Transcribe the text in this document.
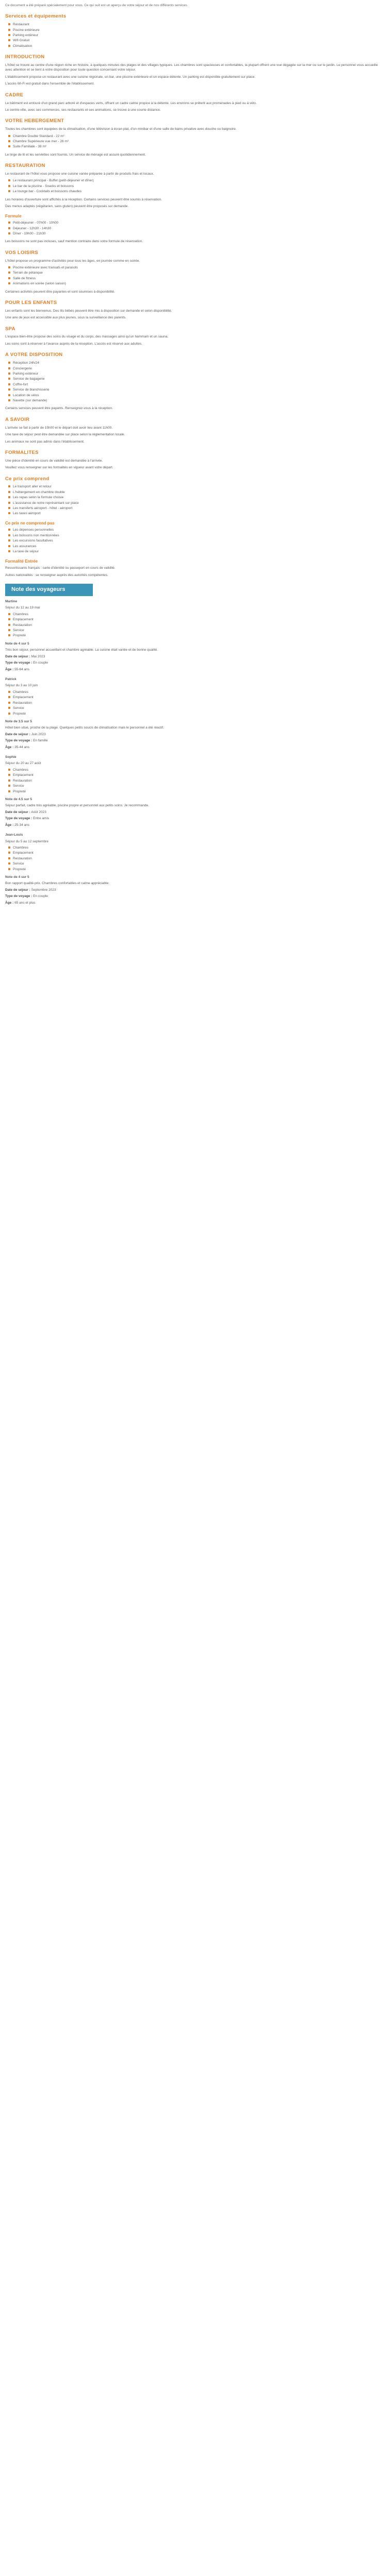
Ce document a été préparé spécialement pour vous. Ce qui suit est un aperçu de votre séjour et de nos différents services.
Services et équipements
Restaurant
Piscine extérieure
Parking extérieur
Wifi Gratuit
Climatisation
INTRODUCTION
L'hôtel se trouve au centre d'une région riche en histoire, à quelques minutes des plages et des villages typiques. Les chambres sont spacieuses et confortables, la plupart offrent une vue dégagée sur la mer ou sur le jardin. Le personnel vous accueille avec attention et se tient à votre disposition pour toute question concernant votre séjour.
L'établissement propose un restaurant avec une cuisine régionale, un bar, une piscine extérieure et un espace détente. Un parking est disponible gratuitement sur place.
L'accès Wi-Fi est gratuit dans l'ensemble de l'établissement.
CADRE
Le bâtiment est entouré d'un grand parc arboré et d'espaces verts, offrant un cadre calme propice à la détente. Les environs se prêtent aux promenades à pied ou à vélo.
Le centre-ville, avec ses commerces, ses restaurants et ses animations, se trouve à une courte distance.
VOTRE HEBERGEMENT
Toutes les chambres sont équipées de la climatisation, d'une télévision à écran plat, d'un minibar et d'une salle de bains privative avec douche ou baignoire.
Chambre Double Standard - 22 m²
Chambre Supérieure vue mer - 26 m²
Suite Familiale - 38 m²
Le linge de lit et les serviettes sont fournis. Un service de ménage est assuré quotidiennement.
RESTAURATION
Le restaurant de l'hôtel vous propose une cuisine variée préparée à partir de produits frais et locaux.
Le restaurant principal - Buffet (petit-déjeuner et dîner)
Le bar de la piscine - Snacks et boissons
Le lounge bar - Cocktails et boissons chaudes
Les horaires d'ouverture sont affichés à la réception. Certains services peuvent être soumis à réservation.
Des menus adaptés (végétarien, sans gluten) peuvent être proposés sur demande.
Formule
Petit-déjeuner - 07h00 - 10h00
Déjeuner - 12h30 - 14h30
Dîner - 19h00 - 21h30
Les boissons ne sont pas incluses, sauf mention contraire dans votre formule de réservation.
VOS LOISIRS
L'hôtel propose un programme d'activités pour tous les âges, en journée comme en soirée.
Piscine extérieure avec transats et parasols
Terrain de pétanque
Salle de fitness
Animations en soirée (selon saison)
Certaines activités peuvent être payantes et sont soumises à disponibilité.
POUR LES ENFANTS
Les enfants sont les bienvenus. Des lits bébés peuvent être mis à disposition sur demande et selon disponibilité.
Une aire de jeux est accessible aux plus jeunes, sous la surveillance des parents.
SPA
L'espace bien-être propose des soins du visage et du corps, des massages ainsi qu'un hammam et un sauna.
Les soins sont à réserver à l'avance auprès de la réception. L'accès est réservé aux adultes.
A VOTRE DISPOSITION
Réception 24h/24
Conciergerie
Parking extérieur
Service de bagagerie
Coffre-fort
Service de blanchisserie
Location de vélos
Navette (sur demande)
Certains services peuvent être payants. Renseignez-vous à la réception.
A SAVOIR
L'arrivée se fait à partir de 15h00 et le départ doit avoir lieu avant 11h00.
Une taxe de séjour peut être demandée sur place selon la réglementation locale.
Les animaux ne sont pas admis dans l'établissement.
FORMALITES
Une pièce d'identité en cours de validité est demandée à l'arrivée.
Veuillez vous renseigner sur les formalités en vigueur avant votre départ.
Ce prix comprend
Le transport aller et retour
L'hébergement en chambre double
Les repas selon la formule choisie
L'assistance de notre représentant sur place
Les transferts aéroport - hôtel - aéroport
Les taxes aéroport
Ce prix ne comprend pas
Les dépenses personnelles
Les boissons non mentionnées
Les excursions facultatives
Les assurances
La taxe de séjour
Formalité Entrée
Ressortissants français : carte d'identité ou passeport en cours de validité.
Autres nationalités : se renseigner auprès des autorités compétentes.
Note des voyageurs
Martine
Séjour du 12 au 19 mai
Chambres
Emplacement
Restauration
Service
Propreté
Note de 4 sur 5
Très bon séjour, personnel accueillant et chambre agréable. La cuisine était variée et de bonne qualité.
Date de séjour : Mai 2023
Type de voyage : En couple
Âge : 55-64 ans
Patrick
Séjour du 3 au 10 juin
Chambres
Emplacement
Restauration
Service
Propreté
Note de 3.5 sur 5
Hôtel bien situé, proche de la plage. Quelques petits soucis de climatisation mais le personnel a été réactif.
Date de séjour : Juin 2023
Type de voyage : En famille
Âge : 35-44 ans
Sophie
Séjour du 20 au 27 août
Chambres
Emplacement
Restauration
Service
Propreté
Note de 4.5 sur 5
Séjour parfait, cadre très agréable, piscine propre et personnel aux petits soins. Je recommande.
Date de séjour : Août 2023
Type de voyage : Entre amis
Âge : 25-34 ans
Jean-Louis
Séjour du 5 au 12 septembre
Chambres
Emplacement
Restauration
Service
Propreté
Note de 4 sur 5
Bon rapport qualité-prix. Chambres confortables et calme appréciable.
Date de séjour : Septembre 2023
Type de voyage : En couple
Âge : 65 ans et plus
